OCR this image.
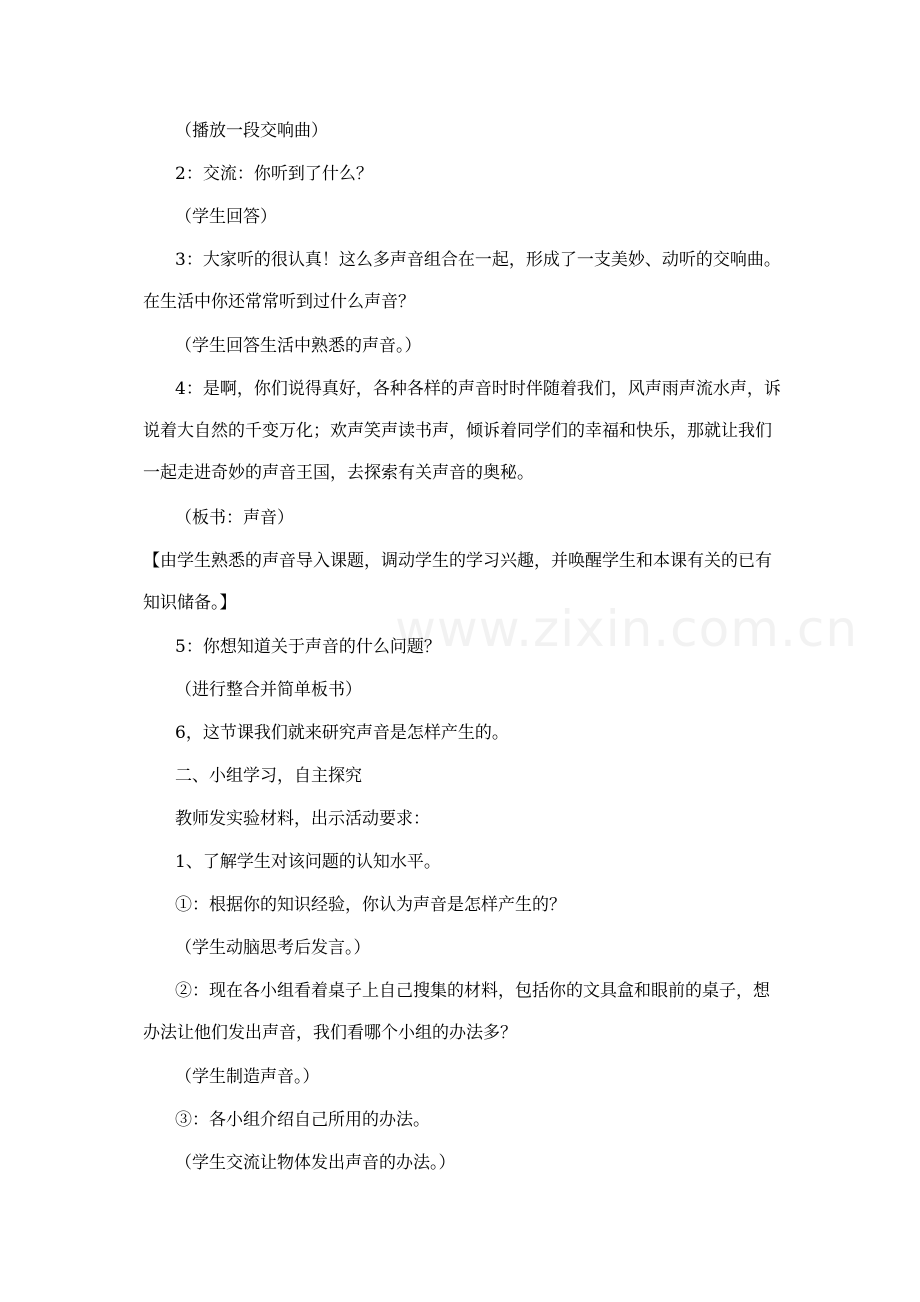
（播放一段交响曲）

2：交流：你听到了什么？

（学生回答）

3：大家听的很认真！这么多声音组合在一起，形成了一支美妙、动听的交响曲。在生活中你还常常听到过什么声音？

（学生回答生活中熟悉的声音。）

4：是啊，你们说得真好，各种各样的声音时时伴随着我们，风声雨声流水声，诉说着大自然的千变万化；欢声笑声读书声，倾诉着同学们的幸福和快乐，那就让我们一起走进奇妙的声音王国，去探索有关声音的奥秘。

（板书：声音）

【由学生熟悉的声音导入课题，调动学生的学习兴趣，并唤醒学生和本课有关的已有知识储备。】

5：你想知道关于声音的什么问题？

（进行整合并简单板书）

6，这节课我们就来研究声音是怎样产生的。

二、小组学习，自主探究

教师发实验材料，出示活动要求：

1、了解学生对该问题的认知水平。

①：根据你的知识经验，你认为声音是怎样产生的？

（学生动脑思考后发言。）

②：现在各小组看着桌子上自己搜集的材料，包括你的文具盒和眼前的桌子，想办法让他们发出声音，我们看哪个小组的办法多？

（学生制造声音。）

③：各小组介绍自己所用的办法。

（学生交流让物体发出声音的办法。）

www.zixin.com.cn
